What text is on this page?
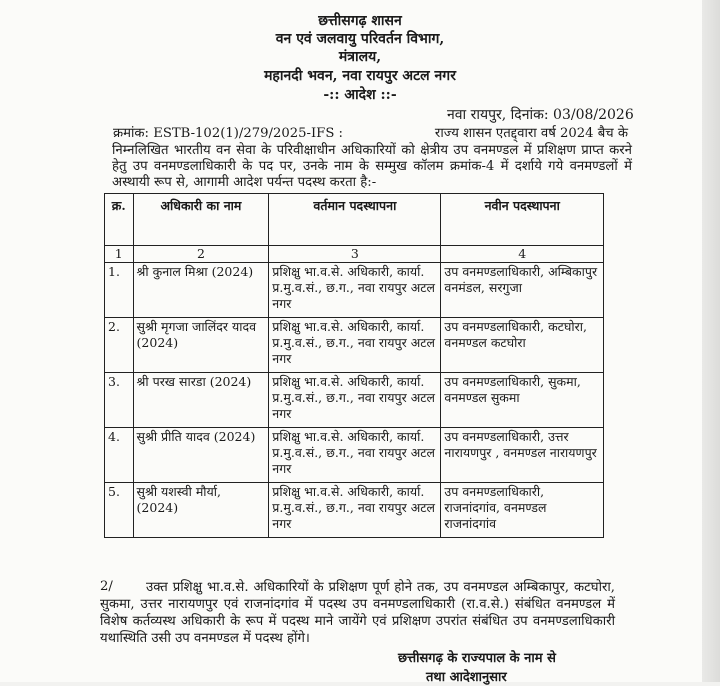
छत्तीसगढ़ शासन
वन एवं जलवायु परिवर्तन विभाग,
मंत्रालय,
महानदी भवन, नवा रायपुर अटल नगर
-:: आदेश ::-
नवा रायपुर, दिनांक: 03/08/2026
क्रमांक: ESTB-102(1)/279/2025-IFS :	राज्य शासन एतद्द्वारा वर्ष 2024 बैच के
निम्नलिखित भारतीय वन सेवा के परिवीक्षाधीन अधिकारियों को क्षेत्रीय उप वनमण्डल में प्रशिक्षण प्राप्त करने हेतु उप वनमण्डलाधिकारी के पद पर, उनके नाम के सम्मुख कॉलम क्रमांक-4 में दर्शाये गये वनमण्डलों में अस्थायी रूप से, आगामी आदेश पर्यन्त पदस्थ करता है:-
क्र.	अधिकारी का नाम	वर्तमान पदस्थापना	नवीन पदस्थापना
1	2	3	4
1.	श्री कुनाल मिश्रा (2024)	प्रशिक्षु भा.व.से. अधिकारी, कार्या. प्र.मु.व.सं., छ.ग., नवा रायपुर अटल नगर	उप वनमण्डलाधिकारी, अम्बिकापुर वनमंडल, सरगुजा
2.	सुश्री मृगजा जालिंदर यादव (2024)	प्रशिक्षु भा.व.से. अधिकारी, कार्या. प्र.मु.व.सं., छ.ग., नवा रायपुर अटल नगर	उप वनमण्डलाधिकारी, कटघोरा, वनमण्डल कटघोरा
3.	श्री परख सारडा (2024)	प्रशिक्षु भा.व.से. अधिकारी, कार्या. प्र.मु.व.सं., छ.ग., नवा रायपुर अटल नगर	उप वनमण्डलाधिकारी, सुकमा, वनमण्डल सुकमा
4.	सुश्री प्रीति यादव (2024)	प्रशिक्षु भा.व.से. अधिकारी, कार्या. प्र.मु.व.सं., छ.ग., नवा रायपुर अटल नगर	उप वनमण्डलाधिकारी, उत्तर नारायणपुर , वनमण्डल नारायणपुर
5.	सुश्री यशस्वी मौर्या, (2024)	प्रशिक्षु भा.व.से. अधिकारी, कार्या. प्र.मु.व.सं., छ.ग., नवा रायपुर अटल नगर	उप वनमण्डलाधिकारी, राजनांदगांव, वनमण्डल राजनांदगांव
2/	उक्त प्रशिक्षु भा.व.से. अधिकारियों के प्रशिक्षण पूर्ण होने तक, उप वनमण्डल अम्बिकापुर, कटघोरा, सुकमा, उत्तर नारायणपुर एवं राजनांदगांव में पदस्थ उप वनमण्डलाधिकारी (रा.व.से.) संबंधित वनमण्डल में विशेष कर्तव्यस्थ अधिकारी के रूप में पदस्थ माने जायेंगे एवं प्रशिक्षण उपरांत संबंधित उप वनमण्डलाधिकारी यथास्थिति उसी उप वनमण्डल में पदस्थ होंगे।
छत्तीसगढ़ के राज्यपाल के नाम से
तथा आदेशानुसार
